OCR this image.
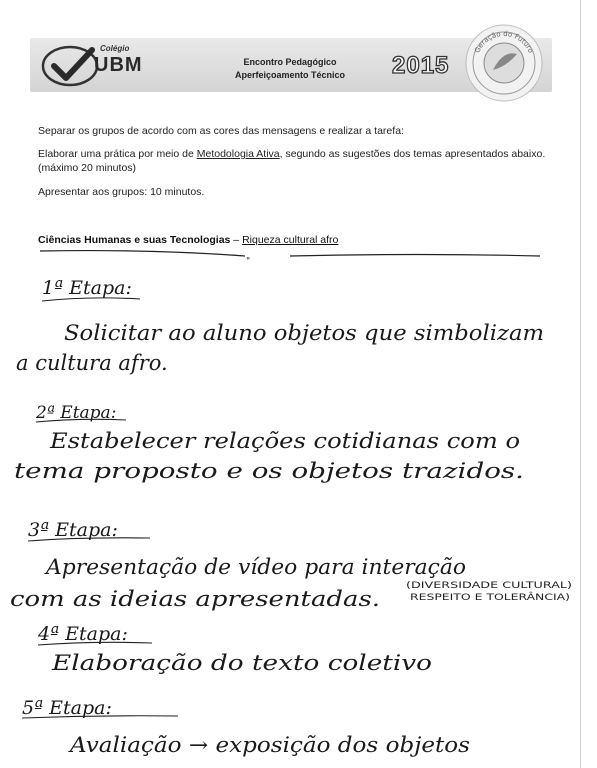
Colégio
UBM	Encontro Pedagógico
Aperfeiçoamento Técnico	2015
Geração do Futuro
Separar os grupos de acordo com as cores das mensagens e realizar a tarefa:
Elaborar uma prática por meio de Metodologia Ativa, segundo as sugestões dos temas apresentados abaixo. (máximo 20 minutos)
Apresentar aos grupos: 10 minutos.
Ciências Humanas e suas Tecnologias – Riqueza cultural afro
"
1ª Etapa:
Solicitar ao aluno objetos que simbolizam
a cultura afro.
2ª Etapa:
Estabelecer relações cotidianas com o
tema proposto e os objetos trazidos.
3ª Etapa:
Apresentação de vídeo para interação
com as ideias apresentadas.
(DIVERSIDADE CULTURAL)
RESPEITO E TOLERÂNCIA)
4ª Etapa:
Elaboração do texto coletivo
5ª Etapa:
Avaliação → exposição dos objetos
